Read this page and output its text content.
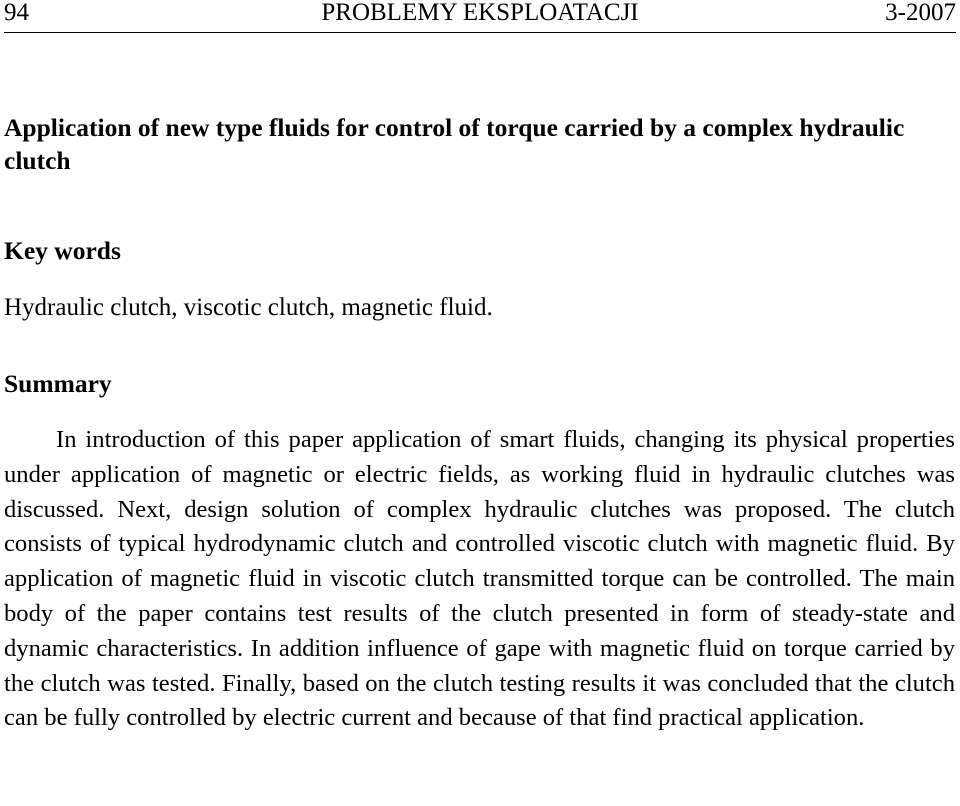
94	PROBLEMY EKSPLOATACJI	3-2007
Application of new type fluids for control of torque carried by a complex hydraulic clutch
Key words
Hydraulic clutch, viscotic clutch, magnetic fluid.
Summary

In introduction of this paper application of smart fluids, changing its physical properties under application of magnetic or electric fields, as working fluid in hydraulic clutches was discussed. Next, design solution of complex hydraulic clutches was proposed. The clutch consists of typical hydrodynamic clutch and controlled viscotic clutch with magnetic fluid. By application of magnetic fluid in viscotic clutch transmitted torque can be controlled. The main body of the paper contains test results of the clutch presented in form of steady-state and dynamic characteristics. In addition influence of gape with magnetic fluid on torque carried by the clutch was tested. Finally, based on the clutch testing results it was concluded that the clutch can be fully controlled by electric current and because of that find practical application.
